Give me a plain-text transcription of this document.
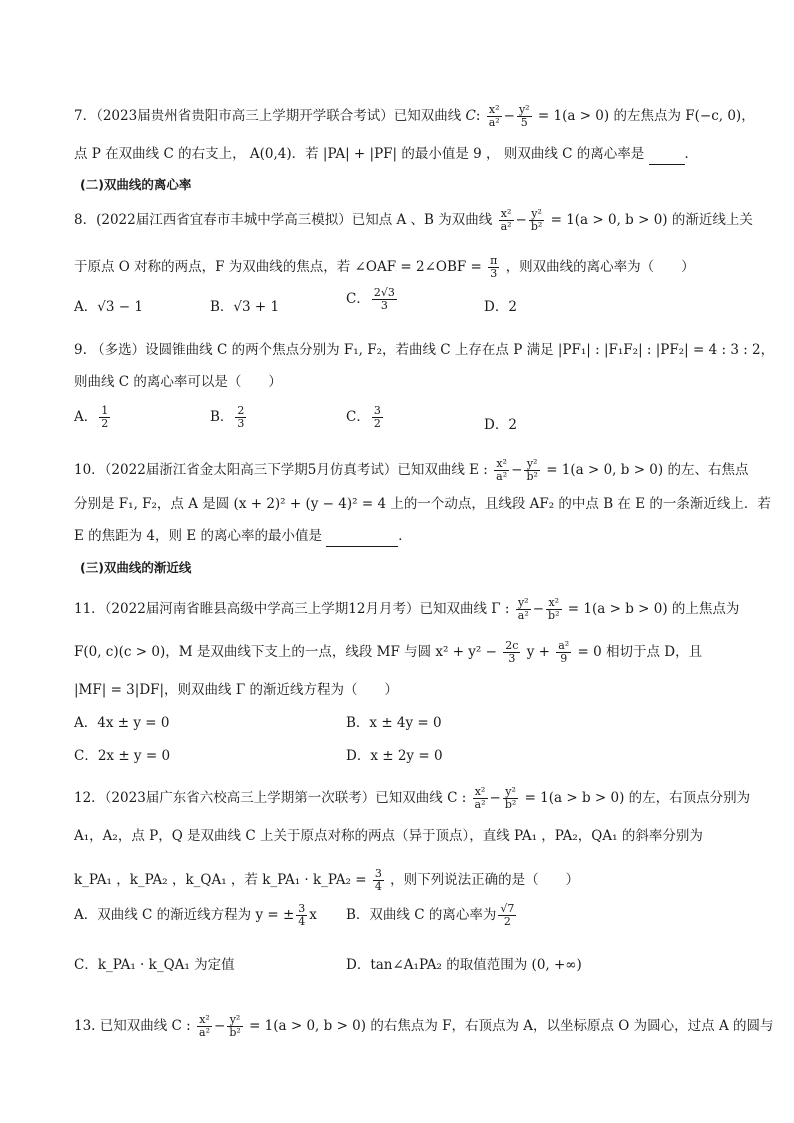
7．（2023届贵州省贵阳市高三上学期开学联合考试）已知双曲线 C: $\frac{\text{x²}}{\text{a²}} - \frac{\text{y²}}{5} = 1(a > 0)$ 的左焦点为 F(−c, 0)，
点 P 在双曲线 C 的右支上， A(0,4)．若 |PA| + |PF| 的最小值是 9 ， 则双曲线 C 的离心率是	．
(二)双曲线的离心率
8．(2022届江西省宜春市丰城中学高三模拟）已知点 A 、B 为双曲线 $\frac{\text{x²}}{\text{a²}} - \frac{\text{y²}}{\text{b²}} = 1(a > 0$, b > 0) 的渐近线上关
于原点 O 对称的两点，F 为双曲线的焦点，若 ∠OAF = 2∠OBF = $\frac{\pi}{3}$ ，则双曲线的离心率为（　　）
A．√3 − 1	B．√3 + 1	C． $\frac{2√3}{3}$	D．2
9. （多选）设圆锥曲线 C 的两个焦点分别为 F₁, F₂，若曲线 C 上存在点 P 满足 |PF₁| : |F₁F₂| : |PF₂| = 4 : 3 : 2，
则曲线 C 的离心率可以是（　　）
A． $\frac{1}{2}$	B． $\frac{2}{3}$	C． $\frac{3}{2}$	D．2
10．（2022届浙江省金太阳高三下学期5月仿真考试）已知双曲线 E : $\frac{\text{x²}}{\text{a²}} - \frac{\text{y²}}{\text{b²}} = 1(a > 0$, b > 0) 的左、右焦点
分别是 F₁, F₂，点 A 是圆 (x + 2)² + (y − 4)² = 4 上的一个动点，且线段 AF₂ 的中点 B 在 E 的一条渐近线上．若
E 的焦距为 4，则 E 的离心率的最小值是	．
(三)双曲线的渐近线
11．（2022届河南省睢县高级中学高三上学期12月月考）已知双曲线 Γ : $\frac{\text{y²}}{\text{a²}} - \frac{\text{x²}}{\text{b²}} = 1(a > b > 0)$ 的上焦点为
F(0, c)(c > 0)，M 是双曲线下支上的一点，线段 MF 与圆 $x^2 + y^2 - \frac{2c}{3}$ $y + \frac{\text{a²}}{9} = 0$ 相切于点 D，且
|MF| = 3|DF|，则双曲线 Γ 的渐近线方程为（　　）
A．4x ± y = 0	B．x ± 4y = 0
C．2x ± y = 0	D．x ± 2y = 0
12．（2023届广东省六校高三上学期第一次联考）已知双曲线 C : $\frac{\text{x²}}{\text{a²}} - \frac{\text{y²}}{\text{b²}} = 1(a > b > 0)$ 的左，右顶点分别为
A₁，A₂，点 P，Q 是双曲线 C 上关于原点对称的两点（异于顶点），直线 PA₁ ，PA₂，QA₁ 的斜率分别为
k_PA₁ ，k_PA₂ ，k_QA₁ ，若 k_PA₁ · k_PA₂ = $\frac{3}{4}$ ，则下列说法正确的是（　　）
A．双曲线 C 的渐近线方程为 y = ± $\frac{3}{4}$ x B．双曲线 C 的离心率为 $\frac{√7}{2}$
C．k_PA₁ · k_QA₁ 为定值	D．tan∠A₁PA₂ 的取值范围为 (0, +∞)
13. 已知双曲线 C : $\frac{\text{x²}}{\text{a²}} - \frac{\text{y²}}{\text{b²}} = 1(a > 0$, b > 0) 的右焦点为 F，右顶点为 A，以坐标原点 O 为圆心，过点 A 的圆与
